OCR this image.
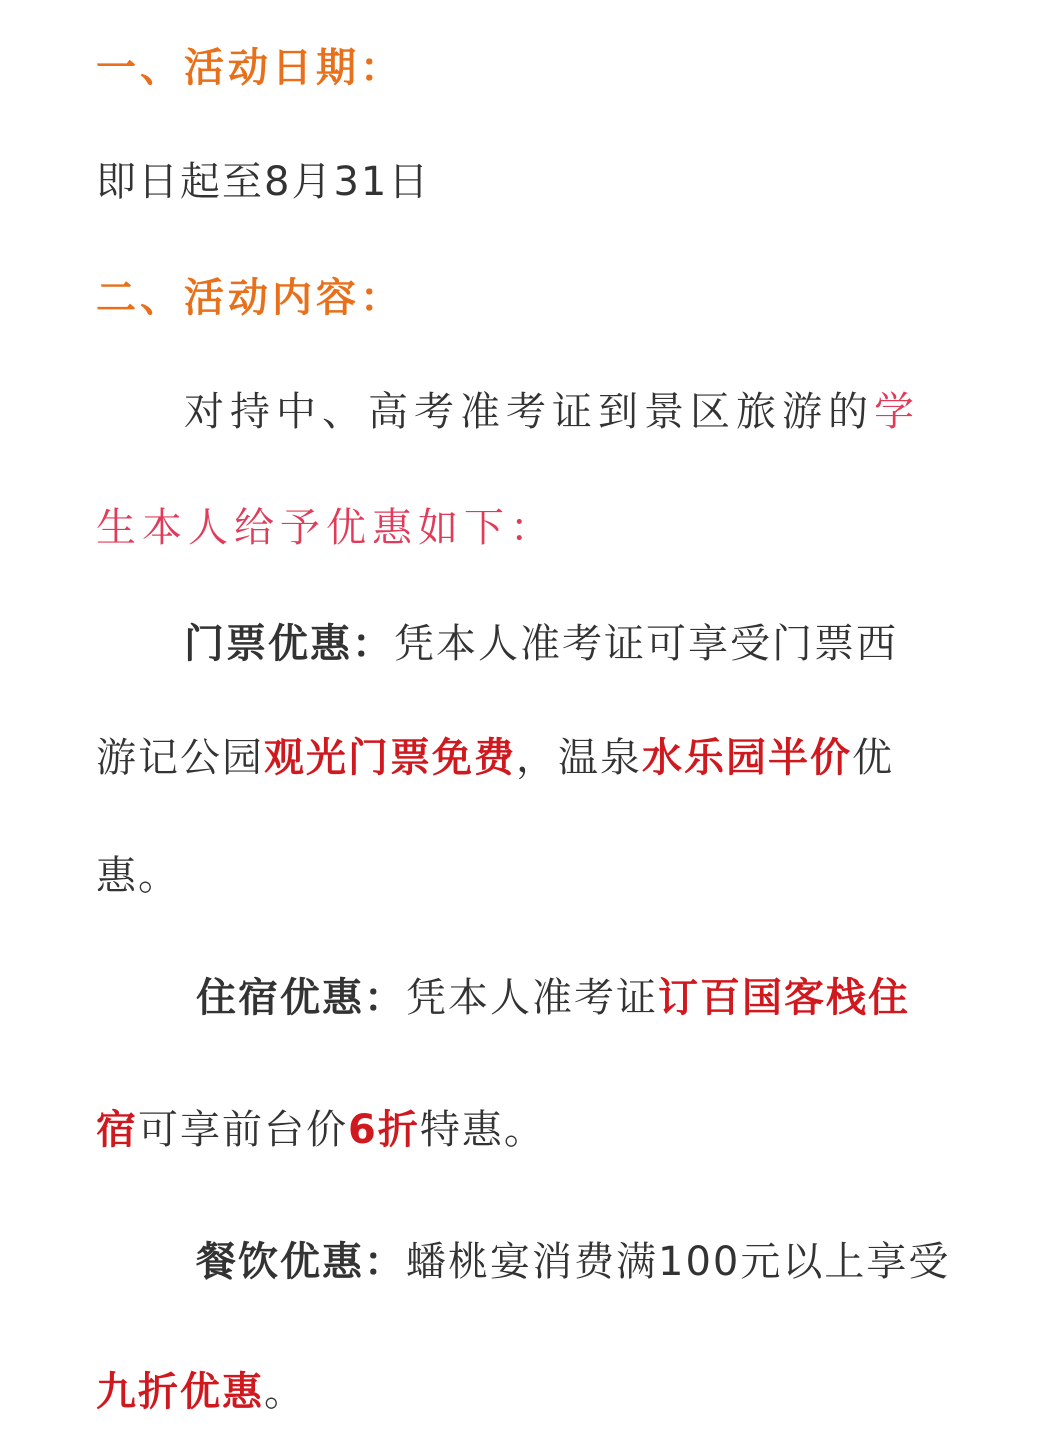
一、活动日期：
即日起至8月31日
二、活动内容：
对持中、高考准考证到景区旅游的学
生本人给予优惠如下：
门票优惠：凭本人准考证可享受门票西
游记公园观光门票免费，温泉水乐园半价优
惠。
住宿优惠：凭本人准考证订百国客栈住
宿可享前台价6折特惠。
餐饮优惠：蟠桃宴消费满100元以上享受
九折优惠。
